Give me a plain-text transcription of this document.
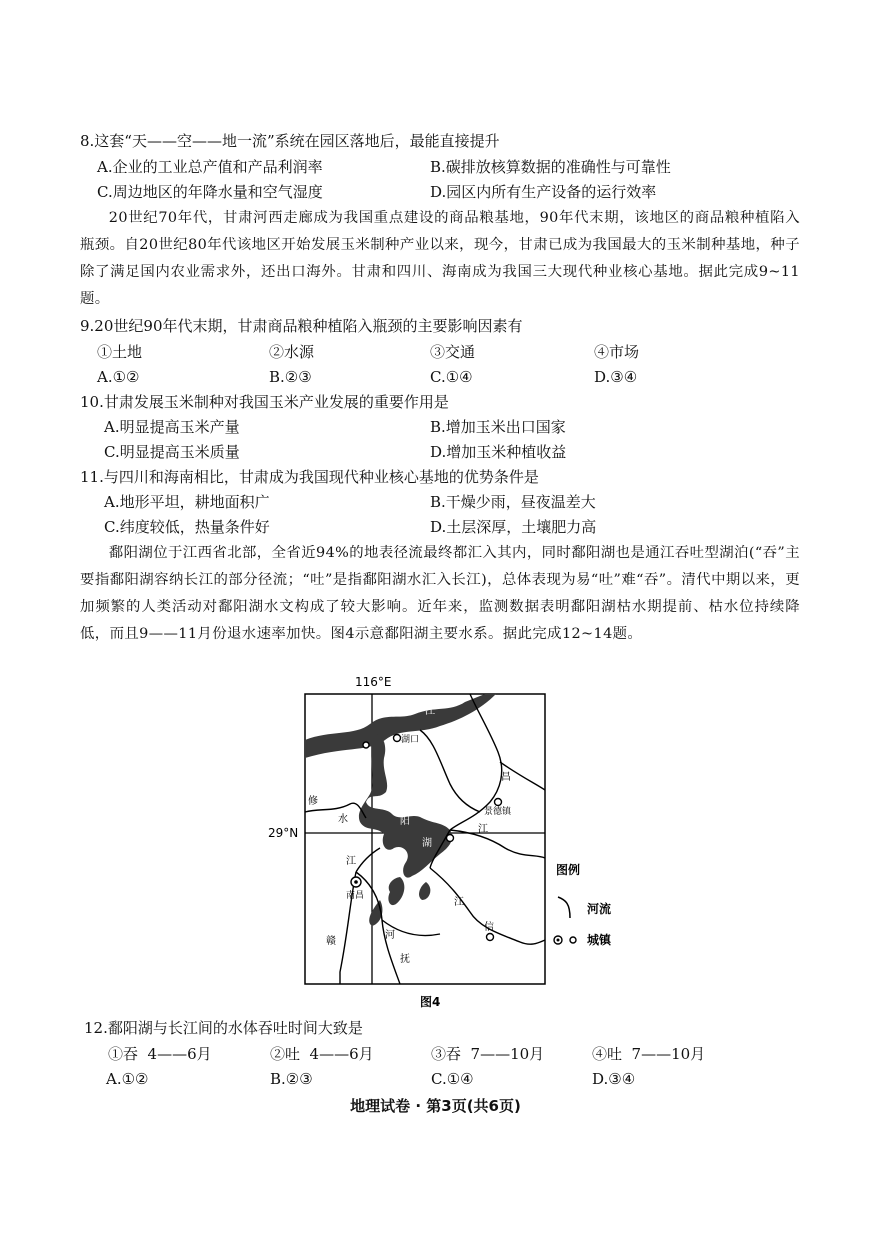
8.这套“天——空——地一流”系统在园区落地后，最能直接提升
A.企业的工业总产值和产品利润率	B.碳排放核算数据的准确性与可靠性
C.周边地区的年降水量和空气湿度	D.园区内所有生产设备的运行效率
20世纪70年代，甘肃河西走廊成为我国重点建设的商品粮基地，90年代末期，该地区的商品粮种植陷入瓶颈。自20世纪80年代该地区开始发展玉米制种产业以来，现今，甘肃已成为我国最大的玉米制种基地，种子除了满足国内农业需求外，还出口海外。甘肃和四川、海南成为我国三大现代种业核心基地。据此完成9~11题。
9.20世纪90年代末期，甘肃商品粮种植陷入瓶颈的主要影响因素有
①土地	②水源	③交通	④市场
A.①②	B.②③	C.①④	D.③④
10.甘肃发展玉米制种对我国玉米产业发展的重要作用是
A.明显提高玉米产量	B.增加玉米出口国家
C.明显提高玉米质量	D.增加玉米种植收益
11.与四川和海南相比，甘肃成为我国现代种业核心基地的优势条件是
A.地形平坦，耕地面积广	B.干燥少雨，昼夜温差大
C.纬度较低，热量条件好	D.土层深厚，土壤肥力高
鄱阳湖位于江西省北部，全省近94%的地表径流最终都汇入其内，同时鄱阳湖也是通江吞吐型湖泊(“吞”主要指鄱阳湖容纳长江的部分径流；“吐”是指鄱阳湖水汇入长江)，总体表现为易“吐”难“吞”。清代中期以来，更加频繁的人类活动对鄱阳湖水文构成了较大影响。近年来，监测数据表明鄱阳湖枯水期提前、枯水位持续降低，而且9——11月份退水速率加快。图4示意鄱阳湖主要水系。据此完成12~14题。
116°E
29°N
长
江
湖口
昌
景德镇
修
水
江
江
南昌
江
赣
河
抚
信
阳
湖
图例
河流
城镇
图4
12.鄱阳湖与长江间的水体吞吐时间大致是
①吞  4——6月	②吐  4——6月	③吞  7——10月	④吐  7——10月
A.①②	B.②③	C.①④	D.③④
地理试卷 · 第3页(共6页)
